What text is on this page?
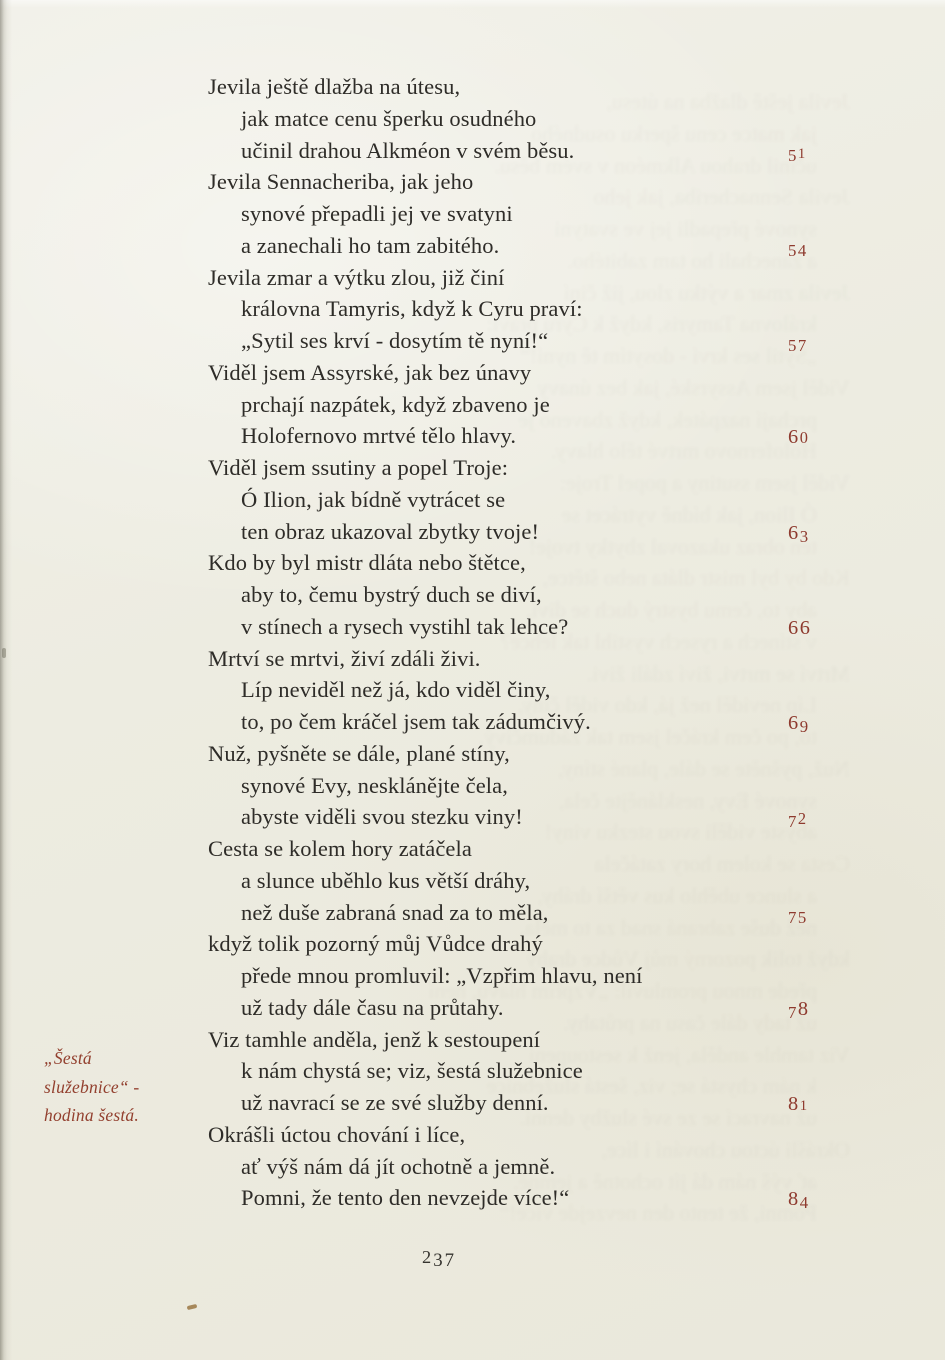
„Šestá
služebnice“ -
hodina šestá.
Jevila ještě dlažba na útesu,
jak matce cenu šperku osudného
učinil drahou Alkméon v svém běsu.	51
Jevila Sennacheriba, jak jeho
synové přepadli jej ve svatyni
a zanechali ho tam zabitého.	54
Jevila zmar a výtku zlou, již činí
královna Tamyris, když k Cyru praví:
„Sytil ses krví - dosytím tě nyní!“	57
Viděl jsem Assyrské, jak bez únavy
prchají nazpátek, když zbaveno je
Holofernovo mrtvé tělo hlavy.	60
Viděl jsem ssutiny a popel Troje:
Ó Ilion, jak bídně vytrácet se
ten obraz ukazoval zbytky tvoje!	63
Kdo by byl mistr dláta nebo štětce,
aby to, čemu bystrý duch se diví,
v stínech a rysech vystihl tak lehce?	66
Mrtví se mrtvi, živí zdáli živi.
Líp neviděl než já, kdo viděl činy,
to, po čem kráčel jsem tak zádumčivý.	69
Nuž, pyšněte se dále, plané stíny,
synové Evy, nesklánějte čela,
abyste viděli svou stezku viny!	72
Cesta se kolem hory zatáčela
a slunce uběhlo kus větší dráhy,
než duše zabraná snad za to měla,	75
když tolik pozorný můj Vůdce drahý
přede mnou promluvil: „Vzpřim hlavu, není
už tady dále času na průtahy.	78
Viz tamhle anděla, jenž k sestoupení
k nám chystá se; viz, šestá služebnice
už navrací se ze své služby denní.	81
Okrášli úctou chování i líce,
ať výš nám dá jít ochotně a jemně.
Pomni, že tento den nevzejde více!“	84
237
